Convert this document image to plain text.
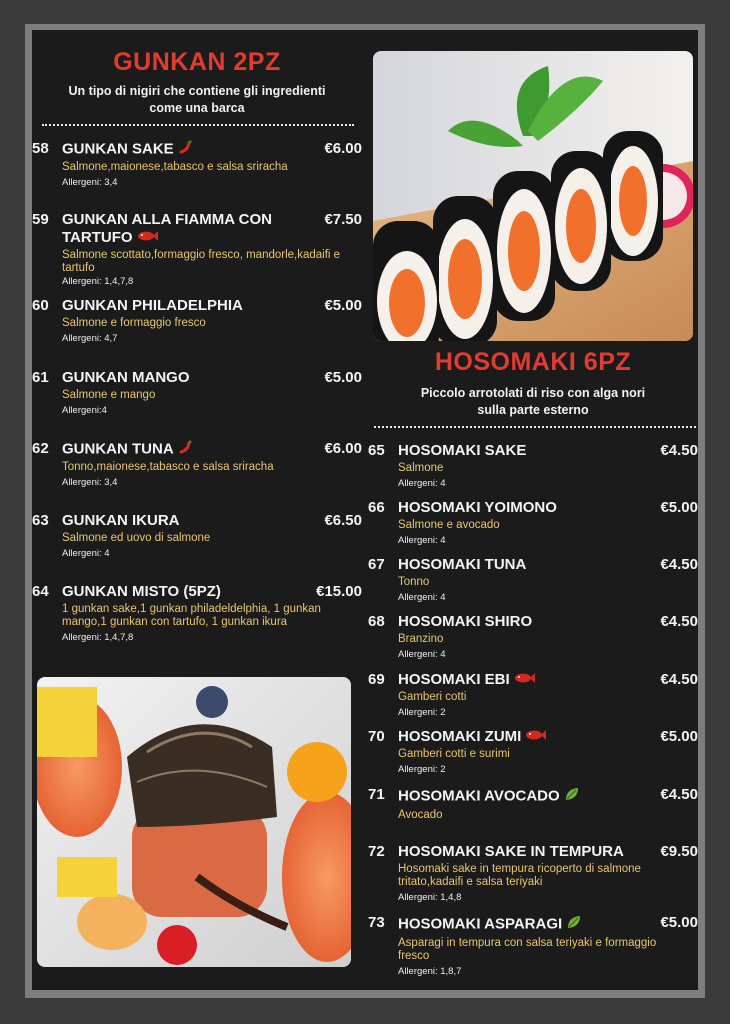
GUNKAN 2PZ
Un tipo di nigiri che contiene gli ingredienti
come una barca
58 GUNKAN SAKE	€6.00
Salmone,maionese,tabasco e salsa sriracha
Allergeni: 3,4
59 GUNKAN ALLA FIAMMA CON TARTUFO
€7.50
Salmone scottato,formaggio fresco, mandorle,kadaifi e tartufo
Allergeni: 1,4,7,8
60 GUNKAN PHILADELPHIA	€5.00
Salmone e formaggio fresco
Allergeni: 4,7
61 GUNKAN MANGO	€5.00
Salmone e mango
Allergeni:4
62 GUNKAN TUNA	€6.00
Tonno,maionese,tabasco e salsa sriracha
Allergeni: 3,4
63 GUNKAN IKURA	€6.50
Salmone ed uovo di salmone
Allergeni: 4
64 GUNKAN MISTO (5PZ)	€15.00
1 gunkan sake,1 gunkan philadeldelphia, 1 gunkan mango,1 gunkan con tartufo, 1 gunkan ikura
Allergeni: 1,4,7,8
HOSOMAKI 6PZ
Piccolo arrotolati di riso con alga nori
sulla parte esterno
65 HOSOMAKI SAKE	€4.50
Salmone
Allergeni: 4
66 HOSOMAKI YOIMONO	€5.00
Salmone e avocado
Allergeni: 4
67 HOSOMAKI TUNA	€4.50
Tonno
Allergeni: 4
68 HOSOMAKI SHIRO	€4.50
Branzino
Allergeni: 4
69 HOSOMAKI EBI	€4.50
Gamberi cotti
Allergeni: 2
70 HOSOMAKI ZUMI	€5.00
Gamberi cotti e surimi
Allergeni: 2
71 HOSOMAKI AVOCADO	€4.50
Avocado
72 HOSOMAKI SAKE IN TEMPURA	€9.50
Hosomaki sake in tempura ricoperto di salmone tritato,kadaifi e salsa teriyaki
Allergeni: 1,4,8
73 HOSOMAKI ASPARAGI	€5.00
Asparagi in tempura con salsa teriyaki e formaggio fresco
Allergeni: 1,8,7
